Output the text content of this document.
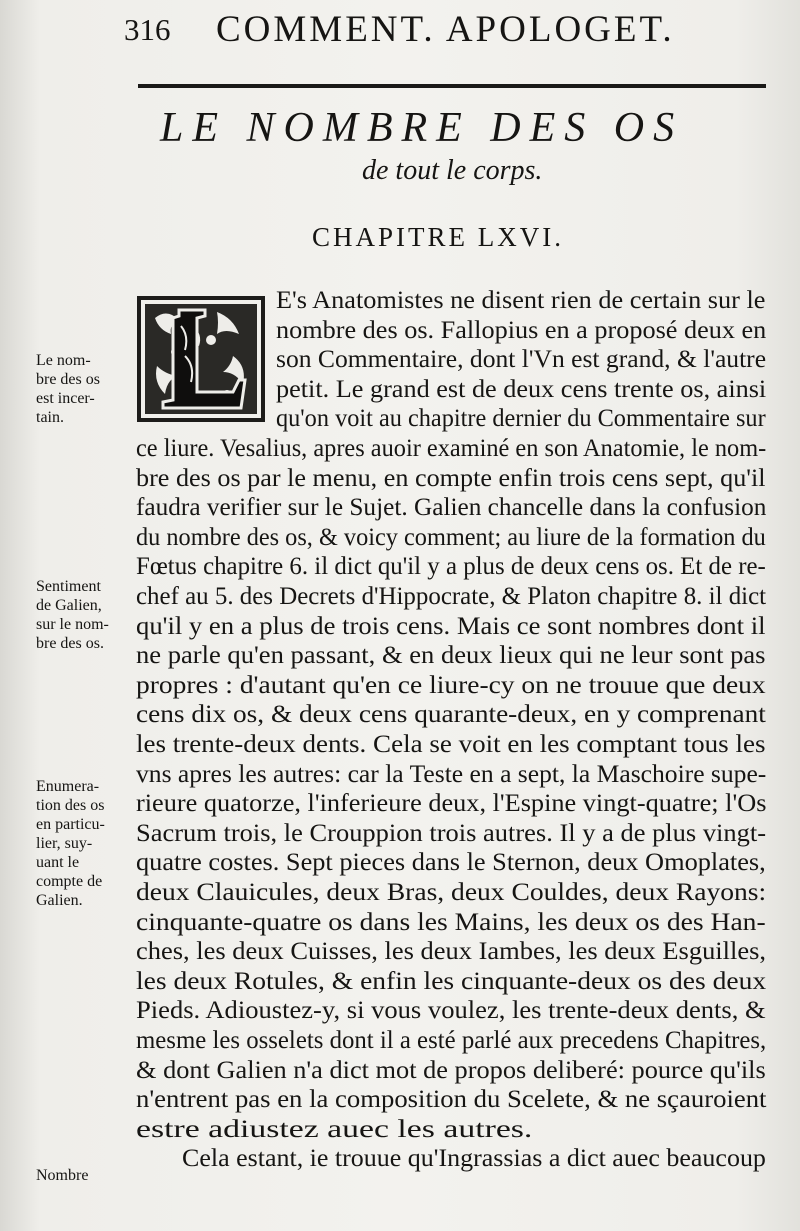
316 COMMENT. APOLOGET.
LE NOMBRE DES OS
de tout le corps.
CHAPITRE LXVI.
E's Anatomistes ne disent rien de certain sur le
nombre des os. Fallopius en a proposé deux en
son Commentaire, dont l'Vn est grand, & l'autre
petit. Le grand est de deux cens trente os, ainsi
qu'on voit au chapitre dernier du Commentaire sur
ce liure. Vesalius, apres auoir examiné en son Anatomie, le nom-
bre des os par le menu, en compte enfin trois cens sept, qu'il
faudra verifier sur le Sujet. Galien chancelle dans la confusion
du nombre des os, & voicy comment; au liure de la formation du
Fœtus chapitre 6. il dict qu'il y a plus de deux cens os. Et de re-
chef au 5. des Decrets d'Hippocrate, & Platon chapitre 8. il dict
qu'il y en a plus de trois cens. Mais ce sont nombres dont il
ne parle qu'en passant, & en deux lieux qui ne leur sont pas
propres : d'autant qu'en ce liure-cy on ne trouue que deux
cens dix os, & deux cens quarante-deux, en y comprenant
les trente-deux dents. Cela se voit en les comptant tous les
vns apres les autres: car la Teste en a sept, la Maschoire supe-
rieure quatorze, l'inferieure deux, l'Espine vingt-quatre; l'Os
Sacrum trois, le Crouppion trois autres. Il y a de plus vingt-
quatre costes. Sept pieces dans le Sternon, deux Omoplates,
deux Clauicules, deux Bras, deux Couldes, deux Rayons:
cinquante-quatre os dans les Mains, les deux os des Han-
ches, les deux Cuisses, les deux Iambes, les deux Esguilles,
les deux Rotules, & enfin les cinquante-deux os des deux
Pieds. Adioustez-y, si vous voulez, les trente-deux dents, &
mesme les osselets dont il a esté parlé aux precedens Chapitres,
& dont Galien n'a dict mot de propos deliberé: pource qu'ils
n'entrent pas en la composition du Scelete, & ne sçauroient
estre adiustez auec les autres.
Cela estant, ie trouue qu'Ingrassias a dict auec beaucoup
Le nom-
bre des os
est incer-
tain.
Sentiment
de Galien,
sur le nom-
bre des os.
Enumera-
tion des os
en particu-
lier, suy-
uant le
compte de
Galien.
Nombre
